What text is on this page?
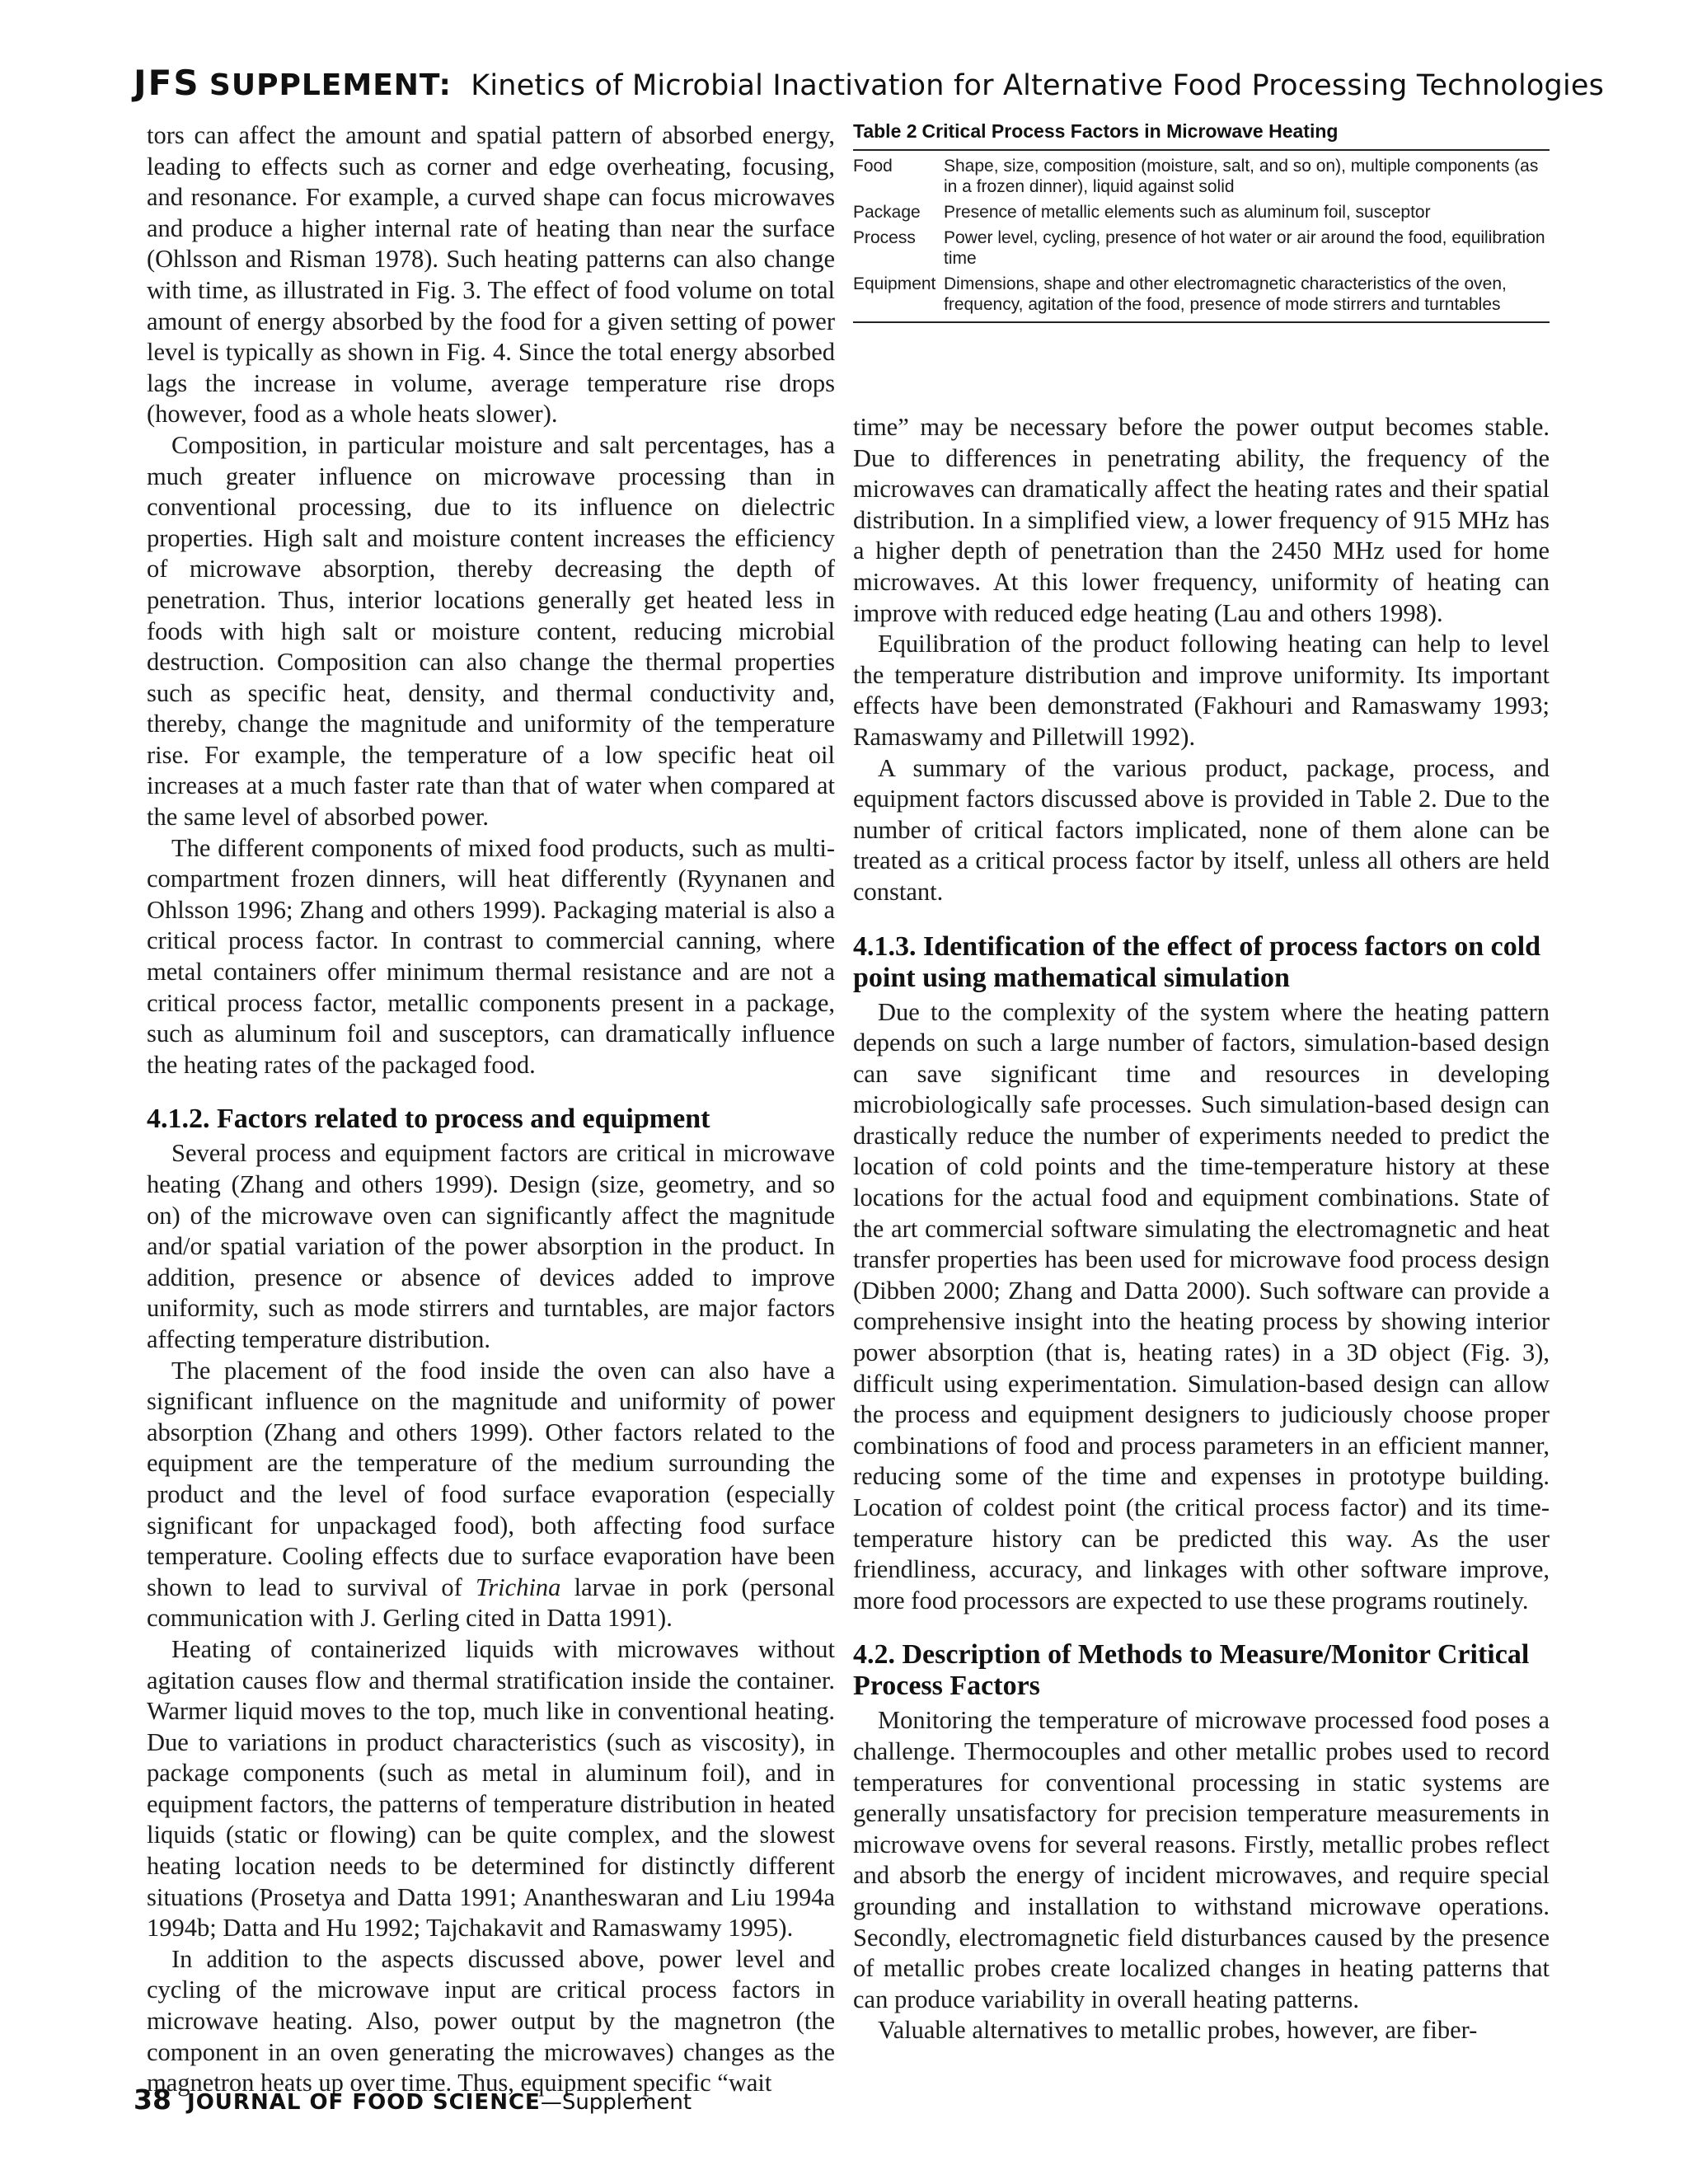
JFS SUPPLEMENT: Kinetics of Microbial Inactivation for Alternative Food Processing Technologies

tors can affect the amount and spatial pattern of absorbed energy, leading to effects such as corner and edge overheating, focusing, and resonance. For example, a curved shape can focus microwaves and produce a higher internal rate of heating than near the surface (Ohlsson and Risman 1978). Such heating patterns can also change with time, as illustrated in Fig. 3. The effect of food volume on total amount of energy absorbed by the food for a given setting of power level is typically as shown in Fig. 4. Since the total energy absorbed lags the increase in volume, average temperature rise drops (however, food as a whole heats slower).

Composition, in particular moisture and salt percentages, has a much greater influence on microwave processing than in conventional processing, due to its influence on dielectric properties. High salt and moisture content increases the efficiency of microwave absorption, thereby decreasing the depth of penetration. Thus, interior locations generally get heated less in foods with high salt or moisture content, reducing microbial destruction. Composition can also change the thermal properties such as specific heat, density, and thermal conductivity and, thereby, change the magnitude and uniformity of the temperature rise. For example, the temperature of a low specific heat oil increases at a much faster rate than that of water when compared at the same level of absorbed power.

The different components of mixed food products, such as multi-compartment frozen dinners, will heat differently (Ryynanen and Ohlsson 1996; Zhang and others 1999). Packaging material is also a critical process factor. In contrast to commercial canning, where metal containers offer minimum thermal resistance and are not a critical process factor, metallic components present in a package, such as aluminum foil and susceptors, can dramatically influence the heating rates of the packaged food.

4.1.2. Factors related to process and equipment

Several process and equipment factors are critical in microwave heating (Zhang and others 1999). Design (size, geometry, and so on) of the microwave oven can significantly affect the magnitude and/or spatial variation of the power absorption in the product. In addition, presence or absence of devices added to improve uniformity, such as mode stirrers and turntables, are major factors affecting temperature distribution.

The placement of the food inside the oven can also have a significant influence on the magnitude and uniformity of power absorption (Zhang and others 1999). Other factors related to the equipment are the temperature of the medium surrounding the product and the level of food surface evaporation (especially significant for unpackaged food), both affecting food surface temperature. Cooling effects due to surface evaporation have been shown to lead to survival of Trichina larvae in pork (personal communication with J. Gerling cited in Datta 1991).

Heating of containerized liquids with microwaves without agitation causes flow and thermal stratification inside the container. Warmer liquid moves to the top, much like in conventional heating. Due to variations in product characteristics (such as viscosity), in package components (such as metal in aluminum foil), and in equipment factors, the patterns of temperature distribution in heated liquids (static or flowing) can be quite complex, and the slowest heating location needs to be determined for distinctly different situations (Prosetya and Datta 1991; Anantheswaran and Liu 1994a 1994b; Datta and Hu 1992; Tajchakavit and Ramaswamy 1995).

In addition to the aspects discussed above, power level and cycling of the microwave input are critical process factors in microwave heating. Also, power output by the magnetron (the component in an oven generating the microwaves) changes as the magnetron heats up over time. Thus, equipment specific “wait

Table 2 Critical Process Factors in Microwave Heating
Food	Shape, size, composition (moisture, salt, and so on), multiple components (as in a frozen dinner), liquid against solid
Package	Presence of metallic elements such as aluminum foil, susceptor
Process	Power level, cycling, presence of hot water or air around the food, equilibration time
Equipment Dimensions, shape and other electromagnetic characteristics of the oven, frequency, agitation of the food, presence of mode stirrers and turntables

time” may be necessary before the power output becomes stable. Due to differences in penetrating ability, the frequency of the microwaves can dramatically affect the heating rates and their spatial distribution. In a simplified view, a lower frequency of 915 MHz has a higher depth of penetration than the 2450 MHz used for home microwaves. At this lower frequency, uniformity of heating can improve with reduced edge heating (Lau and others 1998).

Equilibration of the product following heating can help to level the temperature distribution and improve uniformity. Its important effects have been demonstrated (Fakhouri and Ramaswamy 1993; Ramaswamy and Pilletwill 1992).

A summary of the various product, package, process, and equipment factors discussed above is provided in Table 2. Due to the number of critical factors implicated, none of them alone can be treated as a critical process factor by itself, unless all others are held constant.

4.1.3. Identification of the effect of process factors on cold point using mathematical simulation

Due to the complexity of the system where the heating pattern depends on such a large number of factors, simulation-based design can save significant time and resources in developing microbiologically safe processes. Such simulation-based design can drastically reduce the number of experiments needed to predict the location of cold points and the time-temperature history at these locations for the actual food and equipment combinations. State of the art commercial software simulating the electromagnetic and heat transfer properties has been used for microwave food process design (Dibben 2000; Zhang and Datta 2000). Such software can provide a comprehensive insight into the heating process by showing interior power absorption (that is, heating rates) in a 3D object (Fig. 3), difficult using experimentation. Simulation-based design can allow the process and equipment designers to judiciously choose proper combinations of food and process parameters in an efficient manner, reducing some of the time and expenses in prototype building. Location of coldest point (the critical process factor) and its time-temperature history can be predicted this way. As the user friendliness, accuracy, and linkages with other software improve, more food processors are expected to use these programs routinely.

4.2. Description of Methods to Measure/Monitor Critical Process Factors

Monitoring the temperature of microwave processed food poses a challenge. Thermocouples and other metallic probes used to record temperatures for conventional processing in static systems are generally unsatisfactory for precision temperature measurements in microwave ovens for several reasons. Firstly, metallic probes reflect and absorb the energy of incident microwaves, and require special grounding and installation to withstand microwave operations. Secondly, electromagnetic field disturbances caused by the presence of metallic probes create localized changes in heating patterns that can produce variability in overall heating patterns.

Valuable alternatives to metallic probes, however, are fiber-

38 JOURNAL OF FOOD SCIENCE—Supplement
